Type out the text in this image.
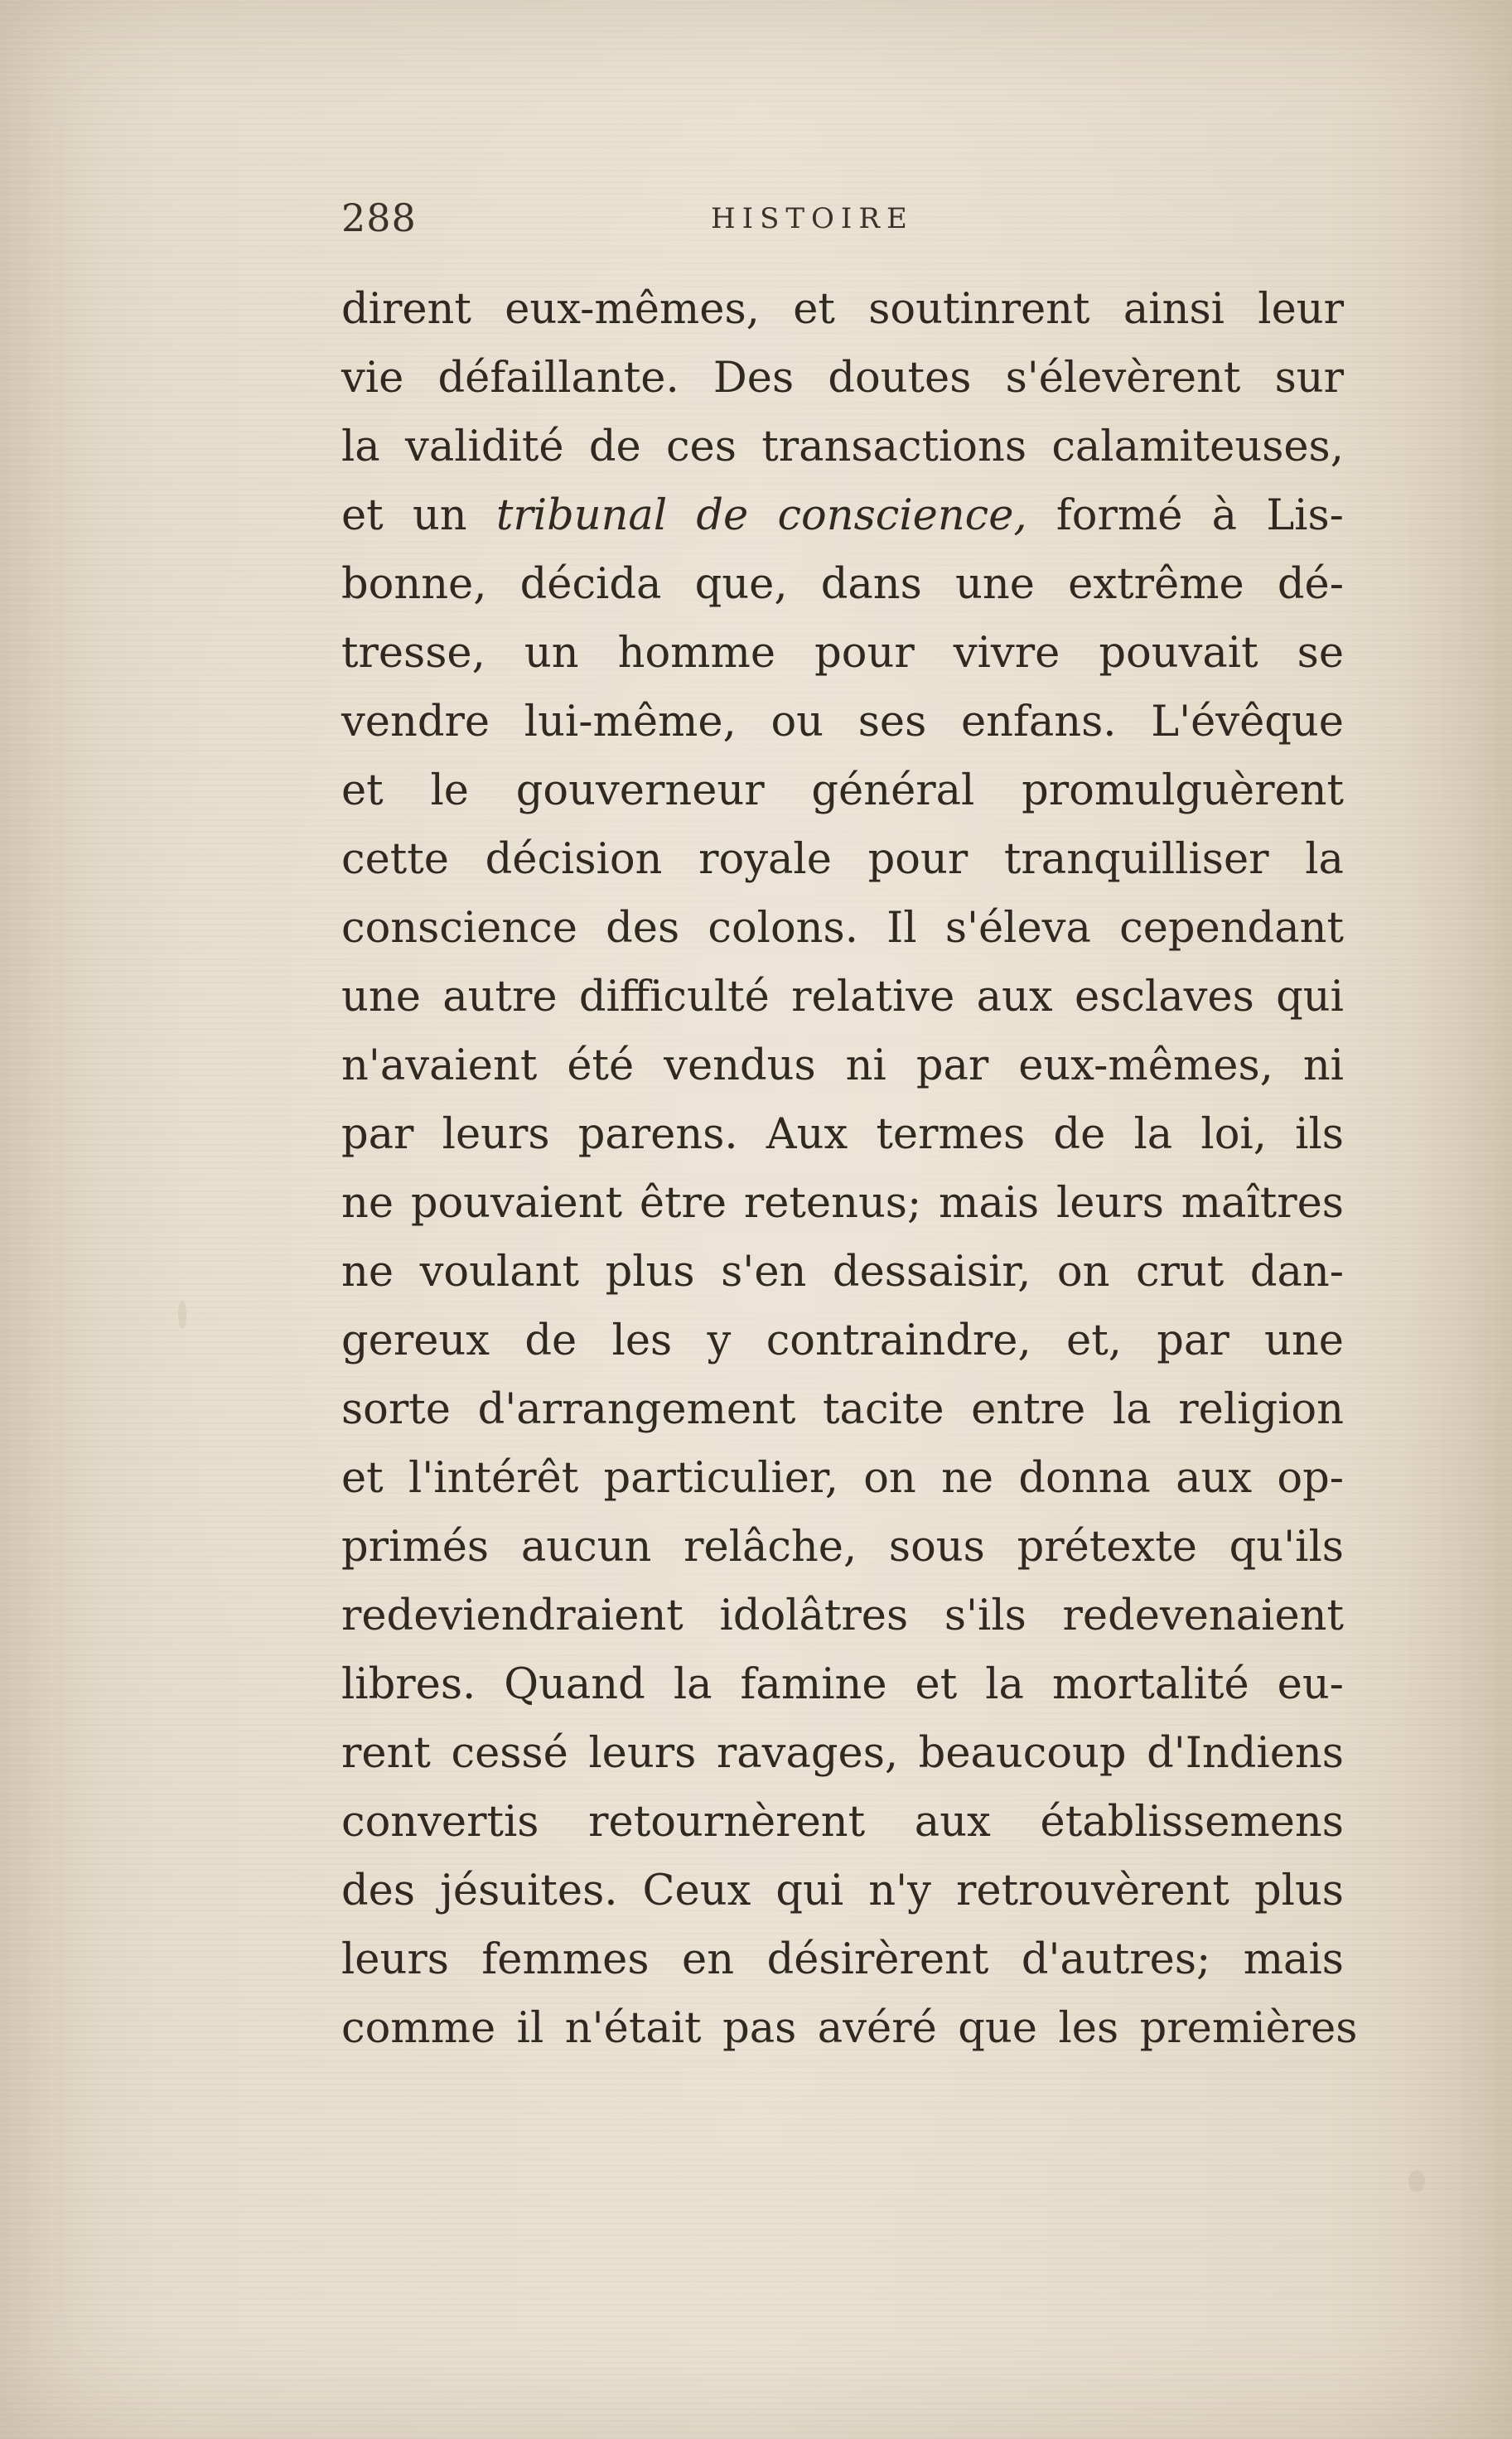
288	HISTOIRE
dirent eux-mêmes, et soutinrent ainsi leur
vie défaillante. Des doutes s'élevèrent sur
la validité de ces transactions calamiteuses,
et un tribunal de conscience, formé à Lis-
bonne, décida que, dans une extrême dé-
tresse, un homme pour vivre pouvait se
vendre lui-même, ou ses enfans. L'évêque
et le gouverneur général promulguèrent
cette décision royale pour tranquilliser la
conscience des colons. Il s'éleva cependant
une autre difficulté relative aux esclaves qui
n'avaient été vendus ni par eux-mêmes, ni
par leurs parens. Aux termes de la loi, ils
ne pouvaient être retenus; mais leurs maîtres
ne voulant plus s'en dessaisir, on crut dan-
gereux de les y contraindre, et, par une
sorte d'arrangement tacite entre la religion
et l'intérêt particulier, on ne donna aux op-
primés aucun relâche, sous prétexte qu'ils
redeviendraient idolâtres s'ils redevenaient
libres. Quand la famine et la mortalité eu-
rent cessé leurs ravages, beaucoup d'Indiens
convertis retournèrent aux établissemens
des jésuites. Ceux qui n'y retrouvèrent plus
leurs femmes en désirèrent d'autres; mais
comme il n'était pas avéré que les premières
